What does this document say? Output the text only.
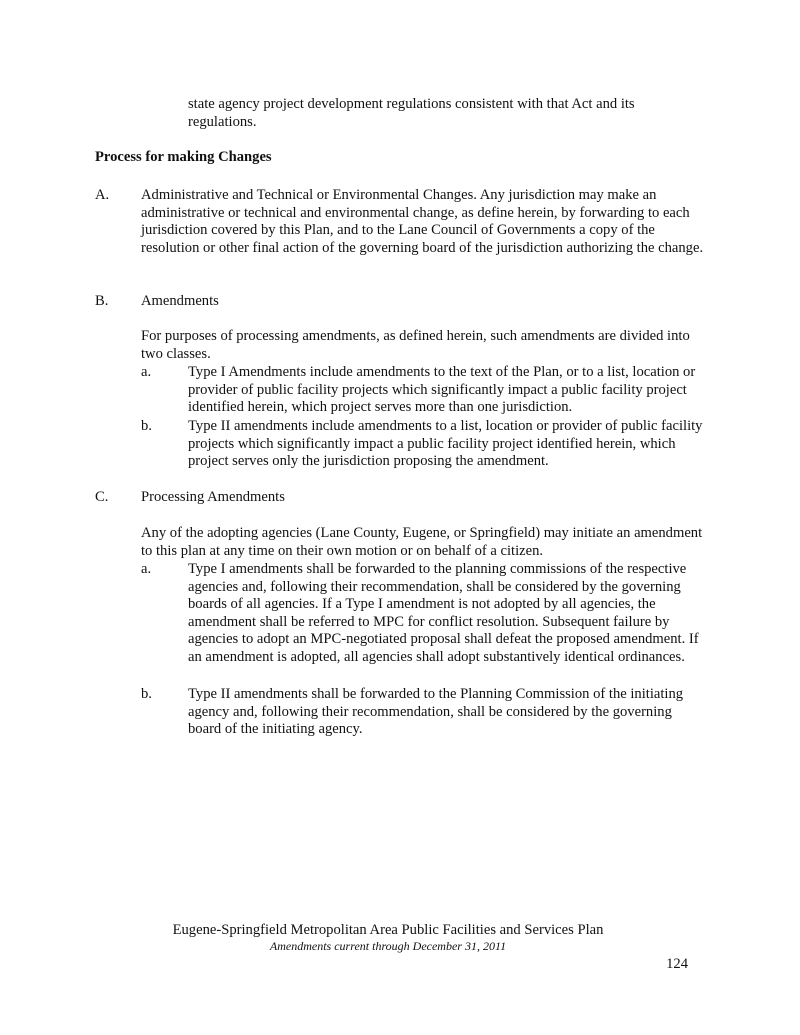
state agency project development regulations consistent with that Act and its regulations.

Process for making Changes

A. Administrative and Technical or Environmental Changes. Any jurisdiction may make an administrative or technical and environmental change, as define herein, by forwarding to each jurisdiction covered by this Plan, and to the Lane Council of Governments a copy of the resolution or other final action of the governing board of the jurisdiction authorizing the change.

B. Amendments

For purposes of processing amendments, as defined herein, such amendments are divided into two classes.

a.	Type I Amendments include amendments to the text of the Plan, or to a list, location or provider of public facility projects which significantly impact a public facility project identified herein, which project serves more than one jurisdiction.

b. Type II amendments include amendments to a list, location or provider of public facility projects which significantly impact a public facility project identified herein, which project serves only the jurisdiction proposing the amendment.

C. Processing Amendments

Any of the adopting agencies (Lane County, Eugene, or Springfield) may initiate an amendment to this plan at any time on their own motion or on behalf of a citizen.

a.	Type I amendments shall be forwarded to the planning commissions of the respective agencies and, following their recommendation, shall be considered by the governing boards of all agencies. If a Type I amendment is not adopted by all agencies, the amendment shall be referred to MPC for conflict resolution. Subsequent failure by agencies to adopt an MPC-negotiated proposal shall defeat the proposed amendment. If an amendment is adopted, all agencies shall adopt substantively identical ordinances.

b. Type II amendments shall be forwarded to the Planning Commission of the initiating agency and, following their recommendation, shall be considered by the governing board of the initiating agency.

Eugene-Springfield Metropolitan Area Public Facilities and Services Plan

Amendments current through December 31, 2011

124
